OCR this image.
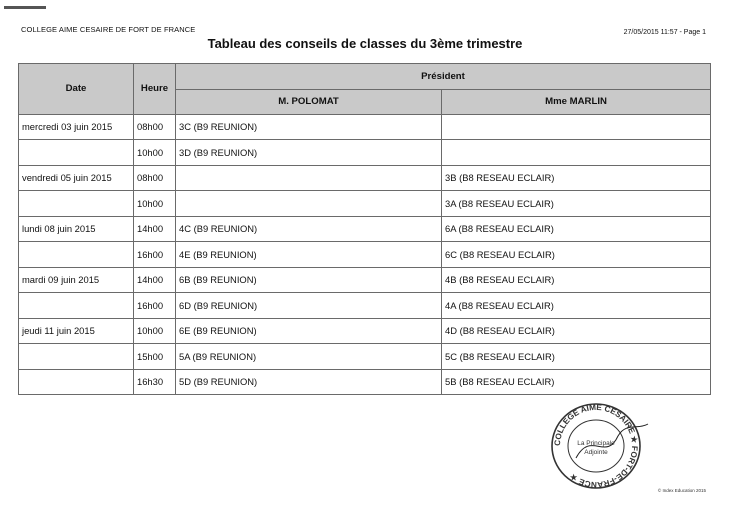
COLLEGE AIME CESAIRE DE FORT DE FRANCE	27/05/2015 11:57 - Page 1
Tableau des conseils de classes du 3ème trimestre
Date	Heure	Président	
		M. POLOMAT	Mme MARLIN
mercredi 03 juin 2015	08h00	3C (B9 REUNION)	
	10h00	3D (B9 REUNION)	
vendredi 05 juin 2015	08h00		3B (B8 RESEAU ECLAIR)
	10h00		3A (B8 RESEAU ECLAIR)
lundi 08 juin 2015	14h00	4C (B9 REUNION)	6A (B8 RESEAU ECLAIR)
	16h00	4E (B9 REUNION)	6C (B8 RESEAU ECLAIR)
mardi 09 juin 2015	14h00	6B (B9 REUNION)	4B (B8 RESEAU ECLAIR)
	16h00	6D (B9 REUNION)	4A (B8 RESEAU ECLAIR)
jeudi 11 juin 2015	10h00	6E (B9 REUNION)	4D (B8 RESEAU ECLAIR)
	15h00	5A (B9 REUNION)	5C (B8 RESEAU ECLAIR)
	16h30	5D (B9 REUNION)	5B (B8 RESEAU ECLAIR)
COLLEGE AIME CESAIRE ★ FORT-DE-FRANCE ★
La Principale
Adjointe
© Index Education 2015
